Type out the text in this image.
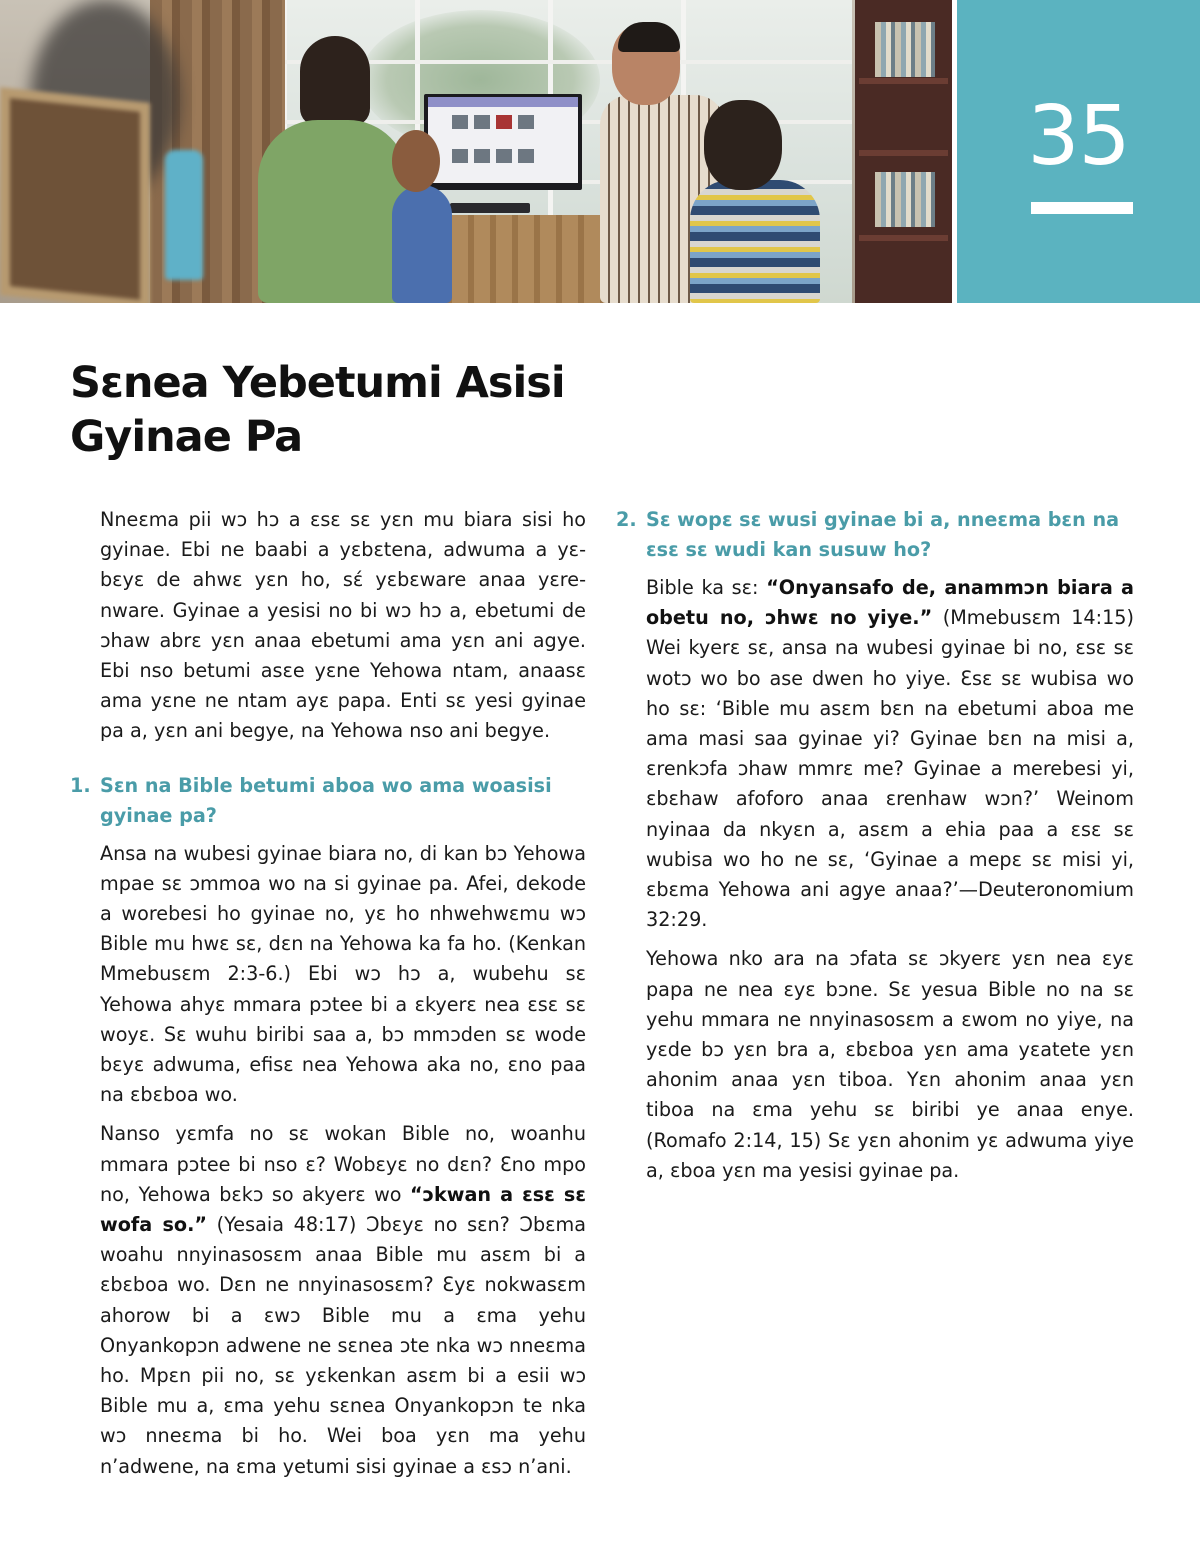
35
Sɛnea Yebetumi Asisi
Gyinae Pa

Nneɛma pii wɔ hɔ a ɛsɛ sɛ yɛn mu biara sisi ho gyinae. Ebi ne baabi a yɛbɛtena, adwuma a yɛbɛyɛ de ahwɛ yɛn ho, sɛ́ yɛbɛware anaa yɛrenware. Gyinae a yesisi no bi wɔ hɔ a, ebetumi de ɔhaw abrɛ yɛn anaa ebetumi ama yɛn ani agye. Ebi nso betumi asɛe yɛne Yehowa ntam, anaasɛ ama yɛne ne ntam ayɛ papa. Enti sɛ yesi gyinae pa a, yɛn ani begye, na Yehowa nso ani begye.

1. Sɛn na Bible betumi aboa wo ama woasisi gyinae pa?

Ansa na wubesi gyinae biara no, di kan bɔ Yehowa mpae sɛ ɔmmoa wo na si gyinae pa. Afei, dekode a worebesi ho gyinae no, yɛ ho nhwehwɛmu wɔ Bible mu hwɛ sɛ, dɛn na Yehowa ka fa ho. (Kenkan Mmebusɛm 2:3-6.) Ebi wɔ hɔ a, wubehu sɛ Yehowa ahyɛ mmara pɔtee bi a ɛkyerɛ nea ɛsɛ sɛ woyɛ. Sɛ wuhu biribi saa a, bɔ mmɔden sɛ wode bɛyɛ adwuma, efisɛ nea Yehowa aka no, ɛno paa na ɛbɛboa wo.

Nanso yɛmfa no sɛ wokan Bible no, woanhu mmara pɔtee bi nso ɛ? Wobɛyɛ no dɛn? Ɛno mpo no, Yehowa bɛkɔ so akyerɛ wo “ɔkwan a ɛsɛ sɛ wofa so.” (Yesaia 48:17) Ɔbɛyɛ no sɛn? Ɔbɛma woahu nnyinasosɛm anaa Bible mu asɛm bi a ɛbɛboa wo. Dɛn ne nnyinasosɛm? Ɛyɛ nokwasɛm ahorow bi a ɛwɔ Bible mu a ɛma yehu Onyankopɔn adwene ne sɛnea ɔte nka wɔ nneɛma ho. Mpɛn pii no, sɛ yɛkenkan asɛm bi a esii wɔ Bible mu a, ɛma yehu sɛnea Onyankopɔn te nka wɔ nneɛma bi ho. Wei boa yɛn ma yehu n’adwene, na ɛma yetumi sisi gyinae a ɛsɔ n’ani.

2. Sɛ wopɛ sɛ wusi gyinae bi a, nneɛma bɛn na ɛsɛ sɛ wudi kan susuw ho?

Bible ka sɛ: “Onyansafo de, anammɔn biara a obetu no, ɔhwɛ no yiye.” (Mmebusɛm 14:15) Wei kyerɛ sɛ, ansa na wubesi gyinae bi no, ɛsɛ sɛ wotɔ wo bo ase dwen ho yiye. Ɛsɛ sɛ wubisa wo ho sɛ: ‘Bible mu asɛm bɛn na ebetumi aboa me ama masi saa gyinae yi? Gyinae bɛn na misi a, ɛrenkɔfa ɔhaw mmrɛ me? Gyinae a merebesi yi, ɛbɛhaw afoforo anaa ɛrenhaw wɔn?’ Weinom nyinaa da nkyɛn a, asɛm a ehia paa a ɛsɛ sɛ wubisa wo ho ne sɛ, ‘Gyinae a mepɛ sɛ misi yi, ɛbɛma Yehowa ani agye anaa?’—Deuteronomium 32:29.

Yehowa nko ara na ɔfata sɛ ɔkyerɛ yɛn nea ɛyɛ papa ne nea ɛyɛ bɔne. Sɛ yesua Bible no na sɛ yehu mmara ne nnyinasosɛm a ɛwom no yiye, na yɛde bɔ yɛn bra a, ɛbɛboa yɛn ama yɛatete yɛn ahonim anaa yɛn tiboa. Yɛn ahonim anaa yɛn tiboa na ɛma yehu sɛ biribi ye anaa enye. (Romafo 2:14, 15) Sɛ yɛn ahonim yɛ adwuma yiye a, ɛboa yɛn ma yesisi gyinae pa.
